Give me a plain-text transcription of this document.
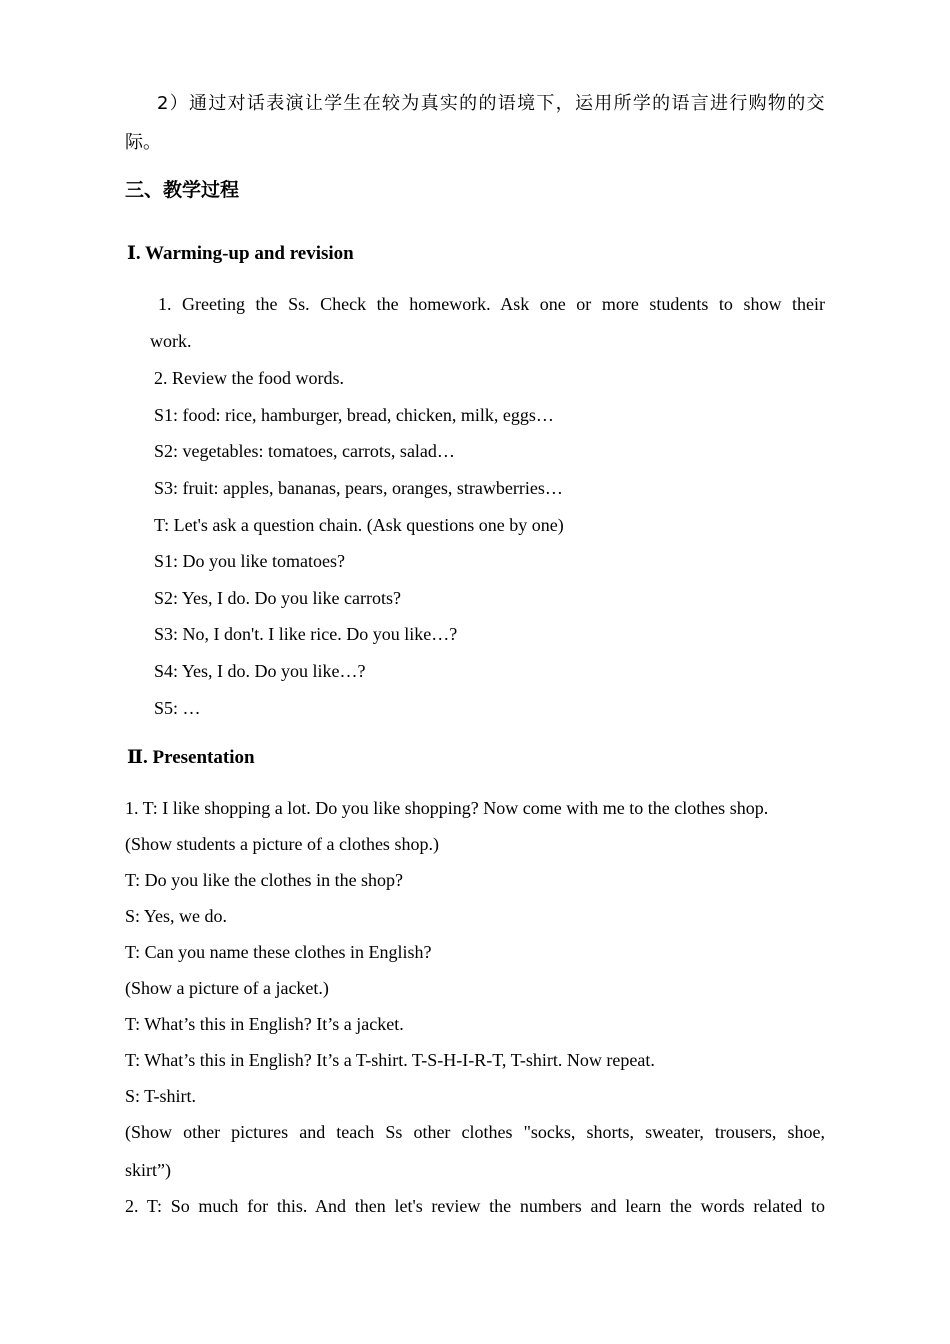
2）通过对话表演让学生在较为真实的的语境下，运用所学的语言进行购物的交
际。
三、教学过程
Ⅰ. Warming-up and revision
1. Greeting the Ss. Check the homework. Ask one or more students to show their
work.
2. Review the food words.
S1: food: rice, hamburger, bread, chicken, milk, eggs…
S2: vegetables: tomatoes, carrots, salad…
S3: fruit: apples, bananas, pears, oranges, strawberries…
T: Let's ask a question chain. (Ask questions one by one)
S1: Do you like tomatoes?
S2: Yes, I do. Do you like carrots?
S3: No, I don't. I like rice. Do you like…?
S4: Yes, I do. Do you like…?
S5: …
Ⅱ. Presentation
1. T: I like shopping a lot. Do you like shopping? Now come with me to the clothes shop.
(Show students a picture of a clothes shop.)
T: Do you like the clothes in the shop?
S: Yes, we do.
T: Can you name these clothes in English?
(Show a picture of a jacket.)
T: What’s this in English? It’s a jacket.
T: What’s this in English? It’s a T-shirt. T-S-H-I-R-T, T-shirt. Now repeat.
S: T-shirt.
(Show other pictures and teach Ss other clothes "socks, shorts, sweater, trousers, shoe,
skirt”)
2. T: So much for this. And then let's review the numbers and learn the words related to
